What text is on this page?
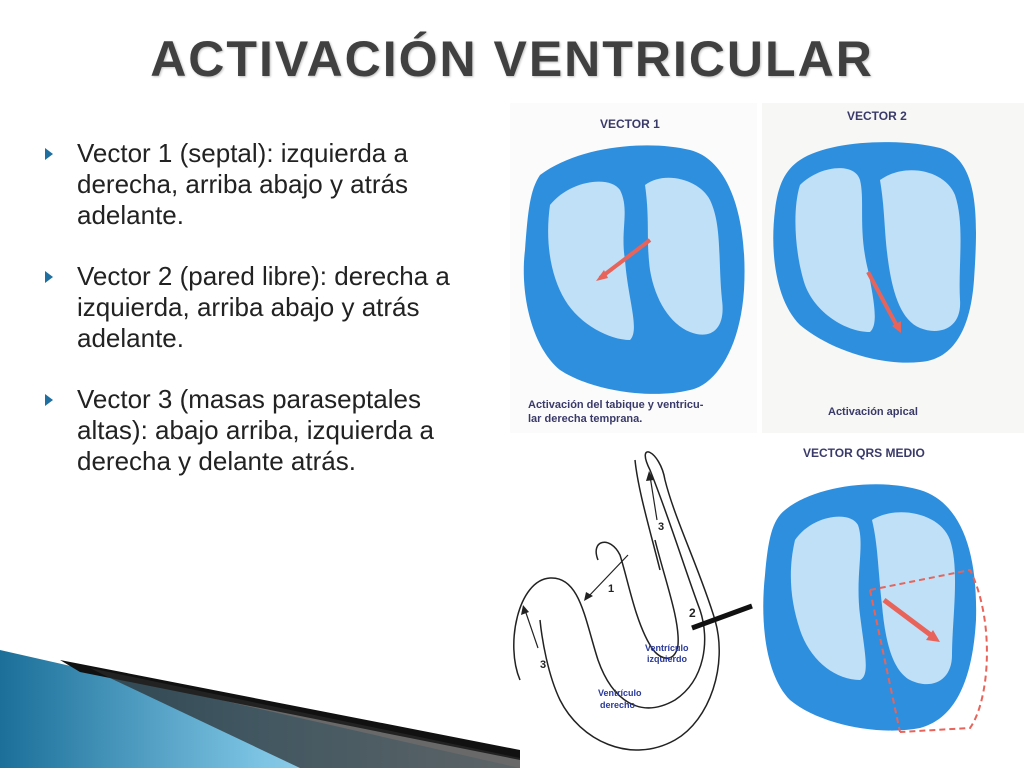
ACTIVACIÓN VENTRICULAR
Vector 1 (septal): izquierda a derecha, arriba abajo y atrás adelante.
Vector 2 (pared libre): derecha a izquierda, arriba abajo y atrás adelante.
Vector 3 (masas paraseptales altas): abajo arriba, izquierda a derecha y delante atrás.
VECTOR 1
Activación del tabique y ventricu-
lar derecha temprana.
VECTOR 2
Activación apical
VECTOR QRS MEDIO
1
2
3
3
Ventrículo
izquierdo
Ventrículo
derecho
